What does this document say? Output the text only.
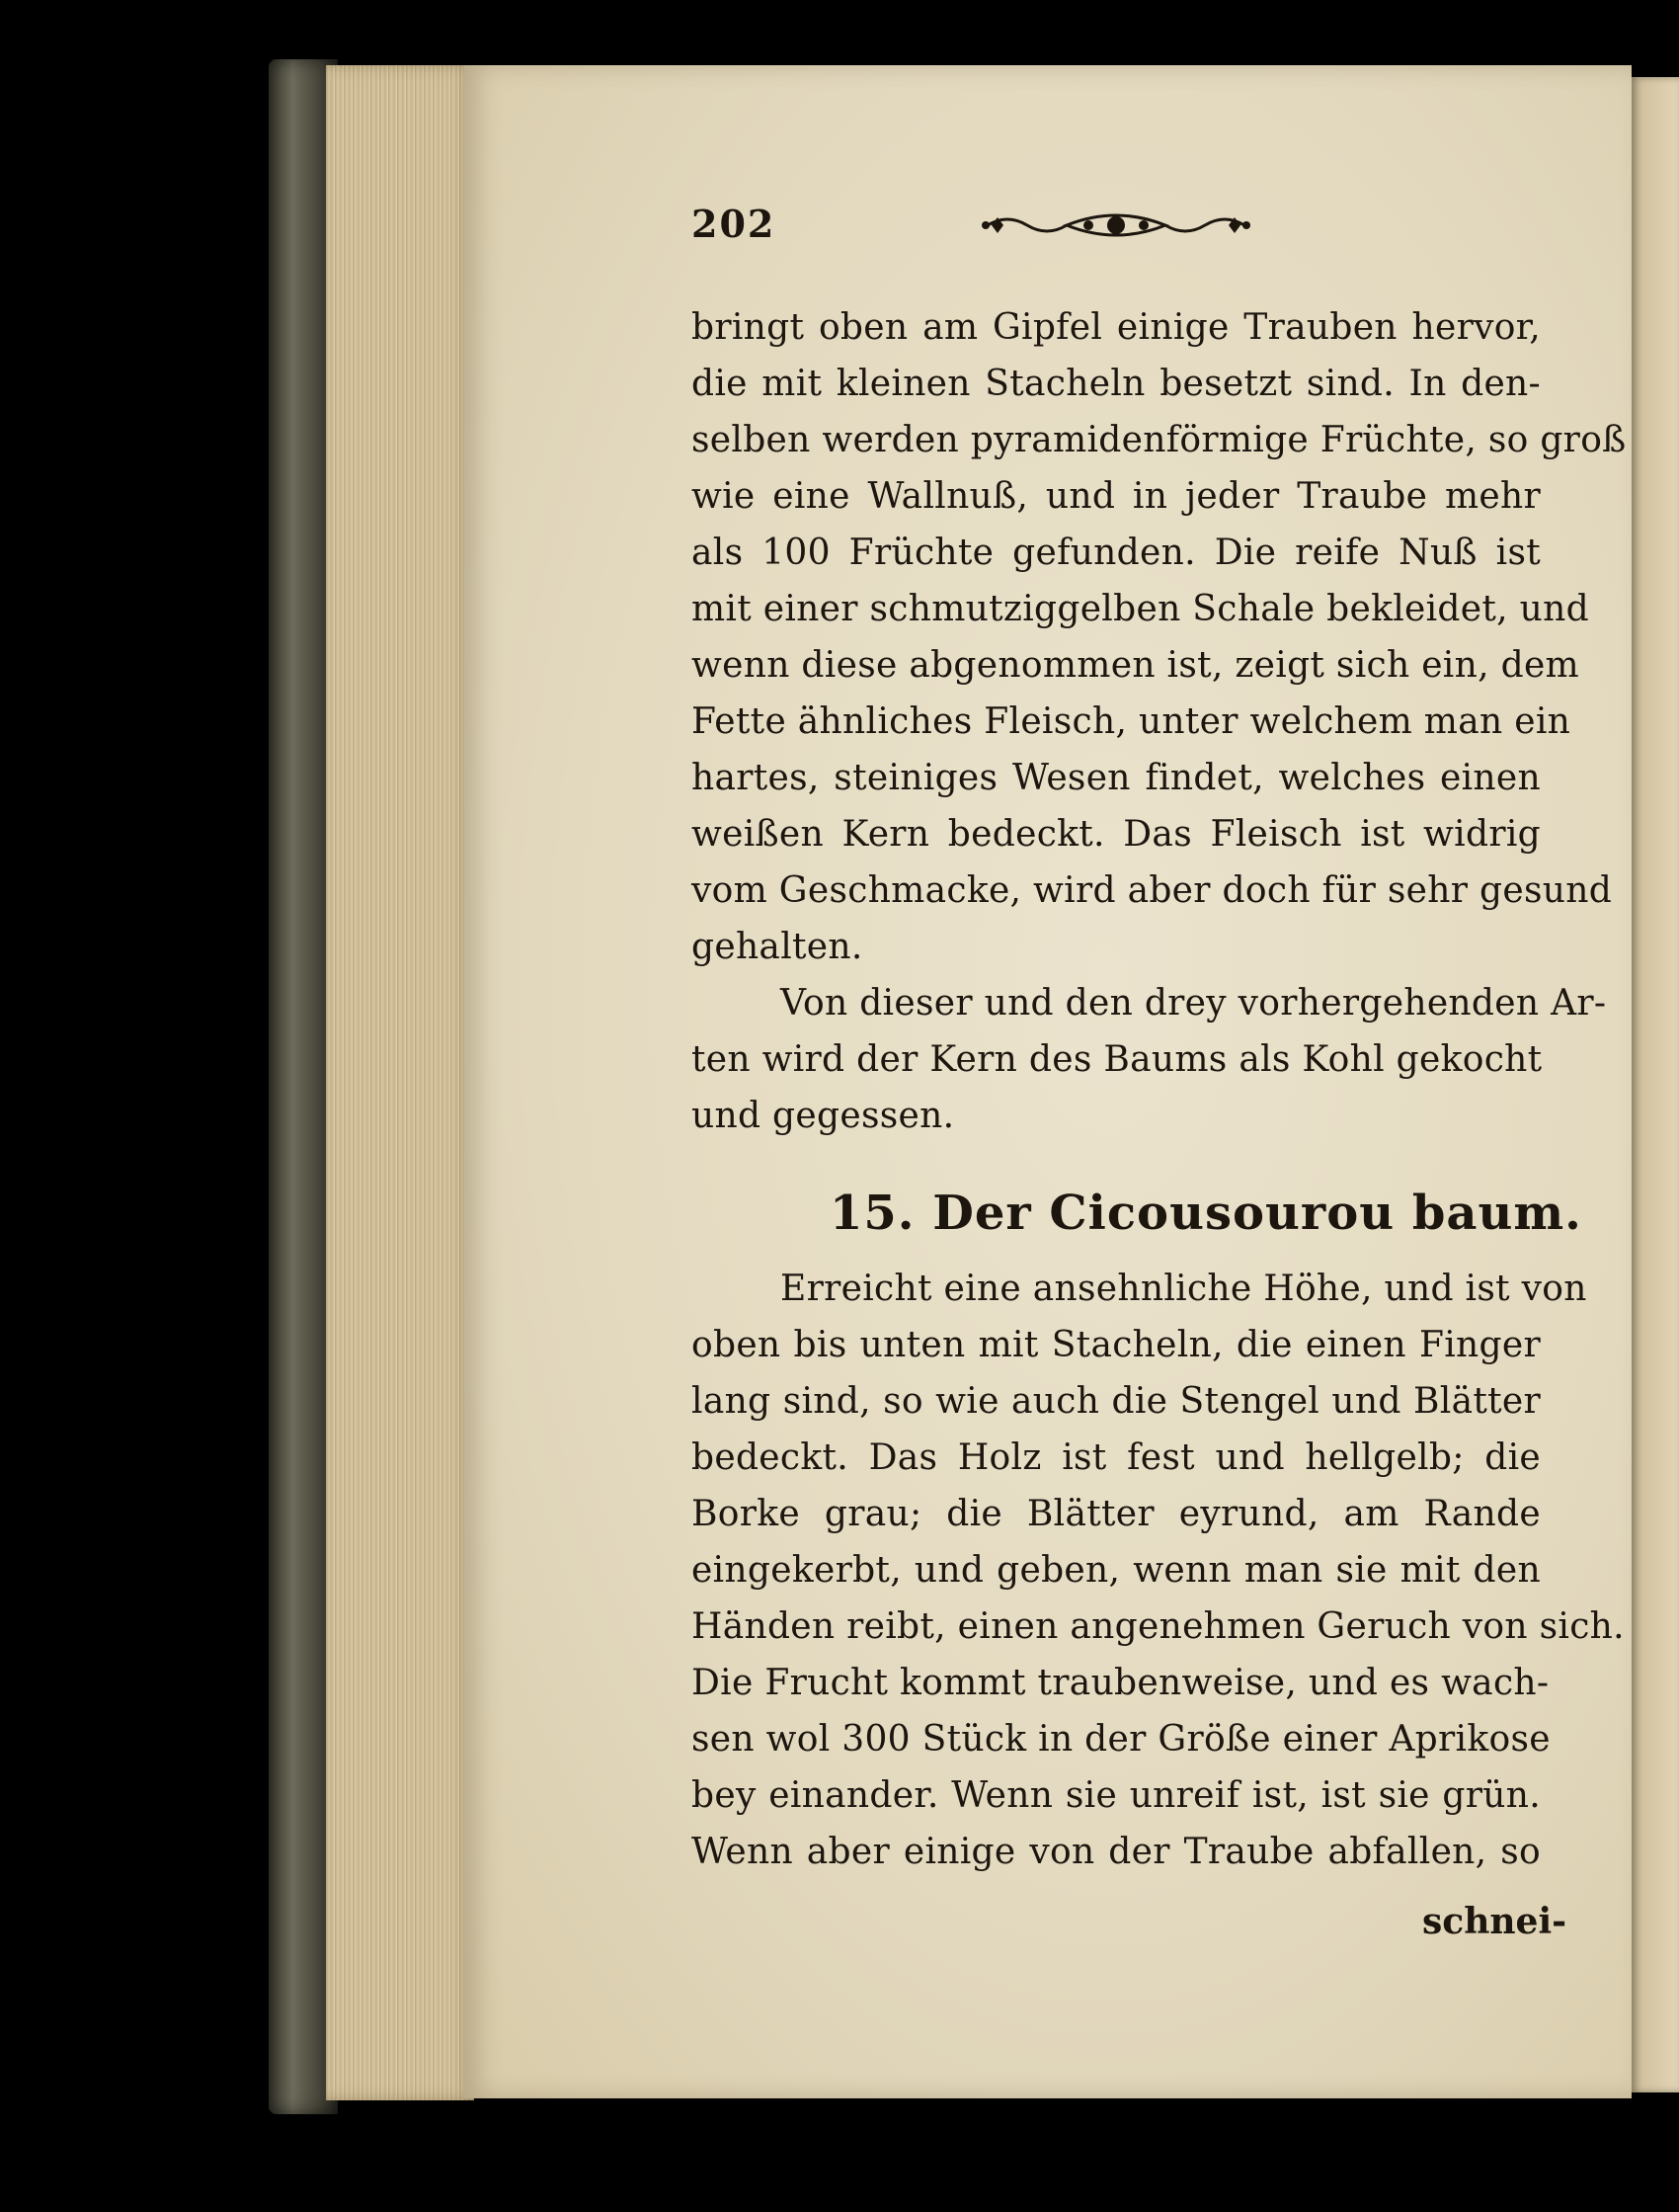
202
bringt oben am Gipfel einige Trauben hervor,
die mit kleinen Stacheln besetzt sind. In den-
selben werden pyramidenförmige Früchte, so groß
wie eine Wallnuß, und in jeder Traube mehr
als 100 Früchte gefunden. Die reife Nuß ist
mit einer schmutziggelben Schale bekleidet, und
wenn diese abgenommen ist, zeigt sich ein, dem
Fette ähnliches Fleisch, unter welchem man ein
hartes, steiniges Wesen findet, welches einen
weißen Kern bedeckt. Das Fleisch ist widrig
vom Geschmacke, wird aber doch für sehr gesund
gehalten.
Von dieser und den drey vorhergehenden Ar-
ten wird der Kern des Baums als Kohl gekocht
und gegessen.
15. Der Cicousourou baum.
Erreicht eine ansehnliche Höhe, und ist von
oben bis unten mit Stacheln, die einen Finger
lang sind, so wie auch die Stengel und Blätter
bedeckt. Das Holz ist fest und hellgelb; die
Borke grau; die Blätter eyrund, am Rande
eingekerbt, und geben, wenn man sie mit den
Händen reibt, einen angenehmen Geruch von sich.
Die Frucht kommt traubenweise, und es wach-
sen wol 300 Stück in der Größe einer Aprikose
bey einander. Wenn sie unreif ist, ist sie grün.
Wenn aber einige von der Traube abfallen, so
schnei-
